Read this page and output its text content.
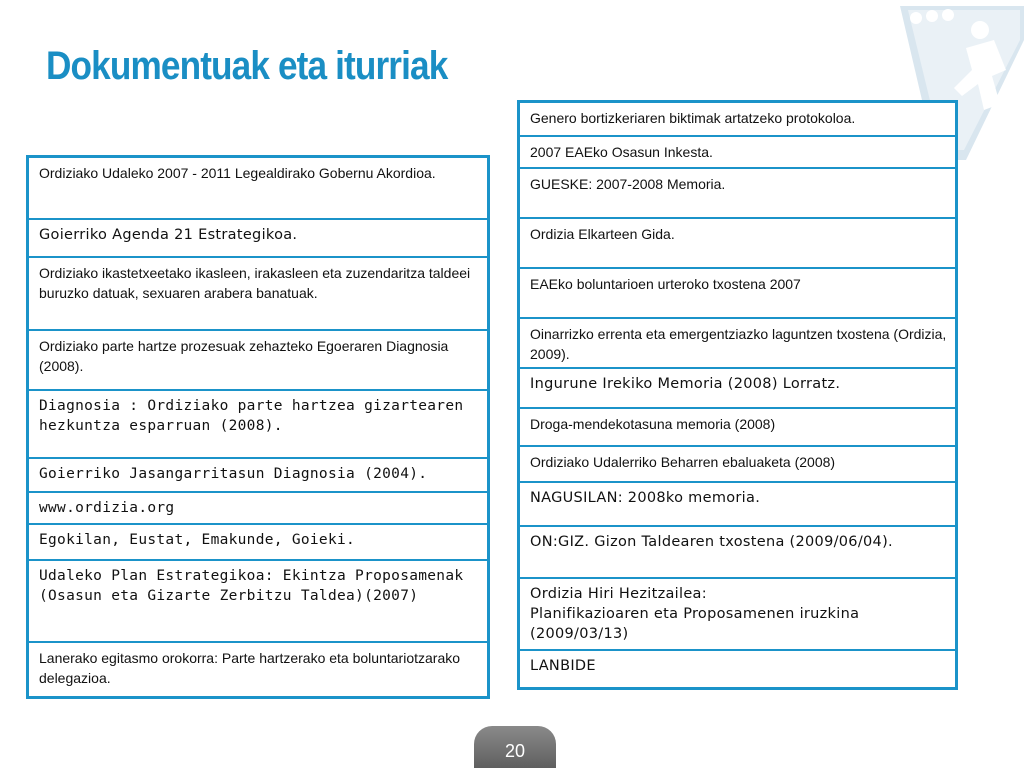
Dokumentuak eta iturriak
Ordiziako Udaleko 2007 - 2011 Legealdirako Gobernu Akordioa.
Goierriko Agenda 21 Estrategikoa.
Ordiziako ikastetxeetako ikasleen, irakasleen eta zuzendaritza taldeei buruzko datuak, sexuaren arabera banatuak.
Ordiziako parte hartze prozesuak zehazteko Egoeraren Diagnosia (2008).
Diagnosia : Ordiziako parte hartzea gizartearen hezkuntza esparruan (2008).
Goierriko Jasangarritasun Diagnosia (2004).
www.ordizia.org
Egokilan, Eustat, Emakunde, Goieki.
Udaleko Plan Estrategikoa: Ekintza Proposamenak (Osasun eta Gizarte Zerbitzu Taldea)(2007)
Lanerako egitasmo orokorra: Parte hartzerako eta boluntariotzarako delegazioa.
Genero bortizkeriaren biktimak artatzeko protokoloa.
2007 EAEko Osasun Inkesta.
GUESKE: 2007-2008 Memoria.
Ordizia Elkarteen Gida.
EAEko boluntarioen urteroko txostena 2007
Oinarrizko errenta eta emergentziazko laguntzen txostena (Ordizia, 2009).
Ingurune Irekiko Memoria (2008) Lorratz.
Droga-mendekotasuna memoria (2008)
Ordiziako Udalerriko Beharren ebaluaketa (2008)
NAGUSILAN: 2008ko memoria.
ON:GIZ. Gizon Taldearen txostena (2009/06/04).
Ordizia Hiri Hezitzailea:
Planifikazioaren eta Proposamenen iruzkina (2009/03/13)
LANBIDE
20
